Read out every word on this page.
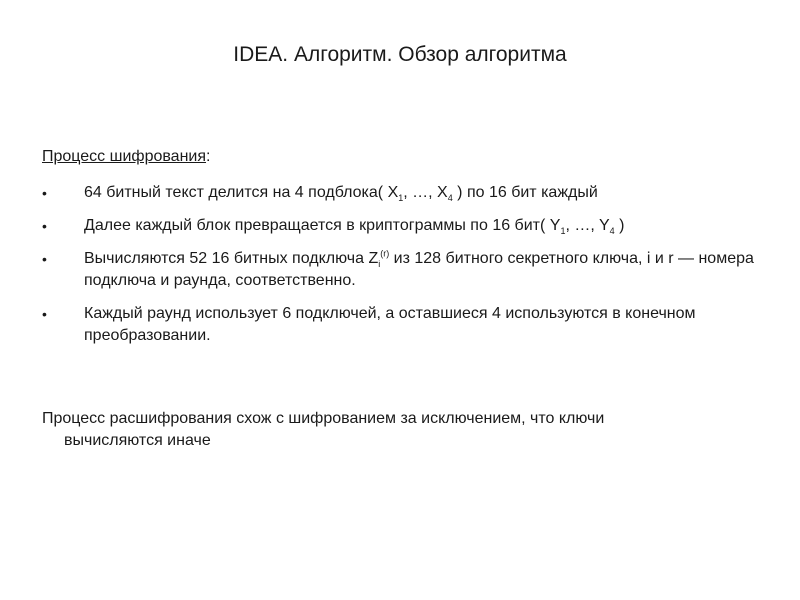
IDEA. Алгоритм. Обзор алгоритма
Процесс шифрования:
• 64 битный текст делится на 4 подблока( $X_1$, …, $X_4$ ) по 16 бит каждый
• Далее каждый блок превращается в криптограммы по 16 бит( $Y_1$, …, $Y_4$ )
• Вычисляются 52 16 битных подключа $Z_i^{(r)}$ из 128 битного секретного ключа, i и r — номера подключа и раунда, соответственно.
• Каждый раунд использует 6 подключей, а оставшиеся 4 используются в конечном преобразовании.
Процесс расшифрования схож с шифрованием за исключением, что ключи
вычисляются иначе
